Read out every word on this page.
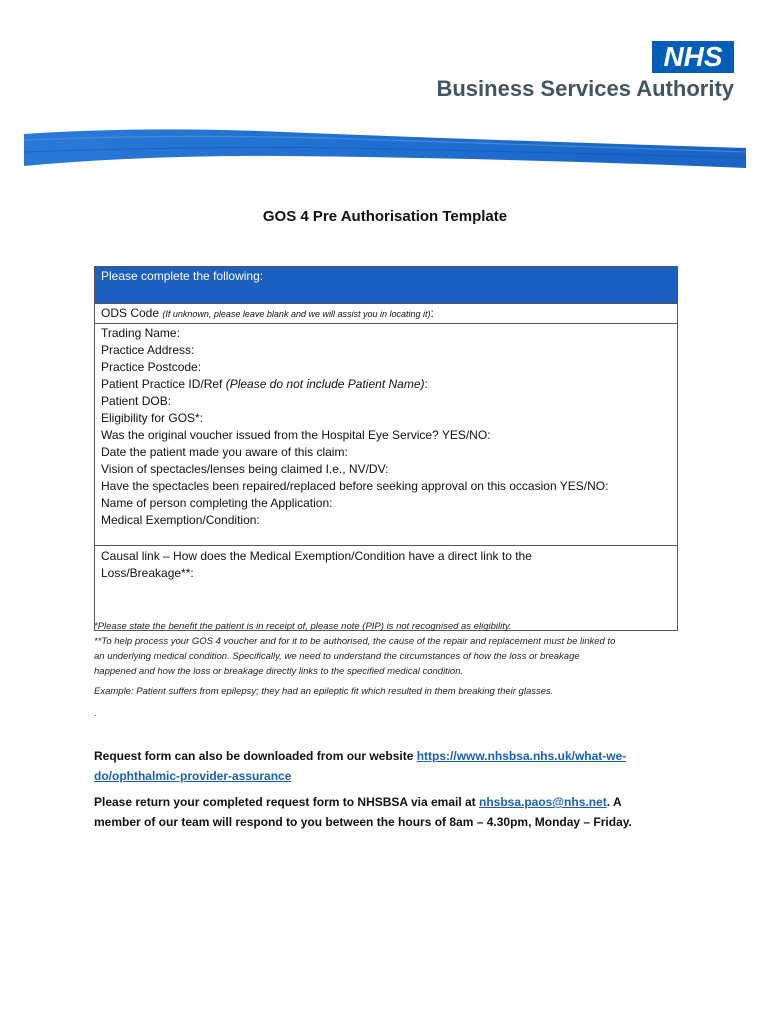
NHS
Business Services Authority
GOS 4 Pre Authorisation Template
Please complete the following:

ODS Code (If unknown, please leave blank and we will assist you in locating it):

Trading Name:
Practice Address:
Practice Postcode:
Patient Practice ID/Ref (Please do not include Patient Name):
Patient DOB:
Eligibility for GOS*:
Was the original voucher issued from the Hospital Eye Service? YES/NO:
Date the patient made you aware of this claim:
Vision of spectacles/lenses being claimed I.e., NV/DV:
Have the spectacles been repaired/replaced before seeking approval on this occasion YES/NO:
Name of person completing the Application:
Medical Exemption/Condition:

Causal link – How does the Medical Exemption/Condition have a direct link to the
Loss/Breakage**:
*Please state the benefit the patient is in receipt of, please note (PIP) is not recognised as eligibility.
**To help process your GOS 4 voucher and for it to be authorised, the cause of the repair and replacement must be linked to
an underlying medical condition. Specifically, we need to understand the circumstances of how the loss or breakage
happened and how the loss or breakage directly links to the specified medical condition.
Example: Patient suffers from epilepsy; they had an epileptic fit which resulted in them breaking their glasses.
.
Request form can also be downloaded from our website https://www.nhsbsa.nhs.uk/what-we-
do/ophthalmic-provider-assurance
Please return your completed request form to NHSBSA via email at nhsbsa.paos@nhs.net. A
member of our team will respond to you between the hours of 8am – 4.30pm, Monday – Friday.
